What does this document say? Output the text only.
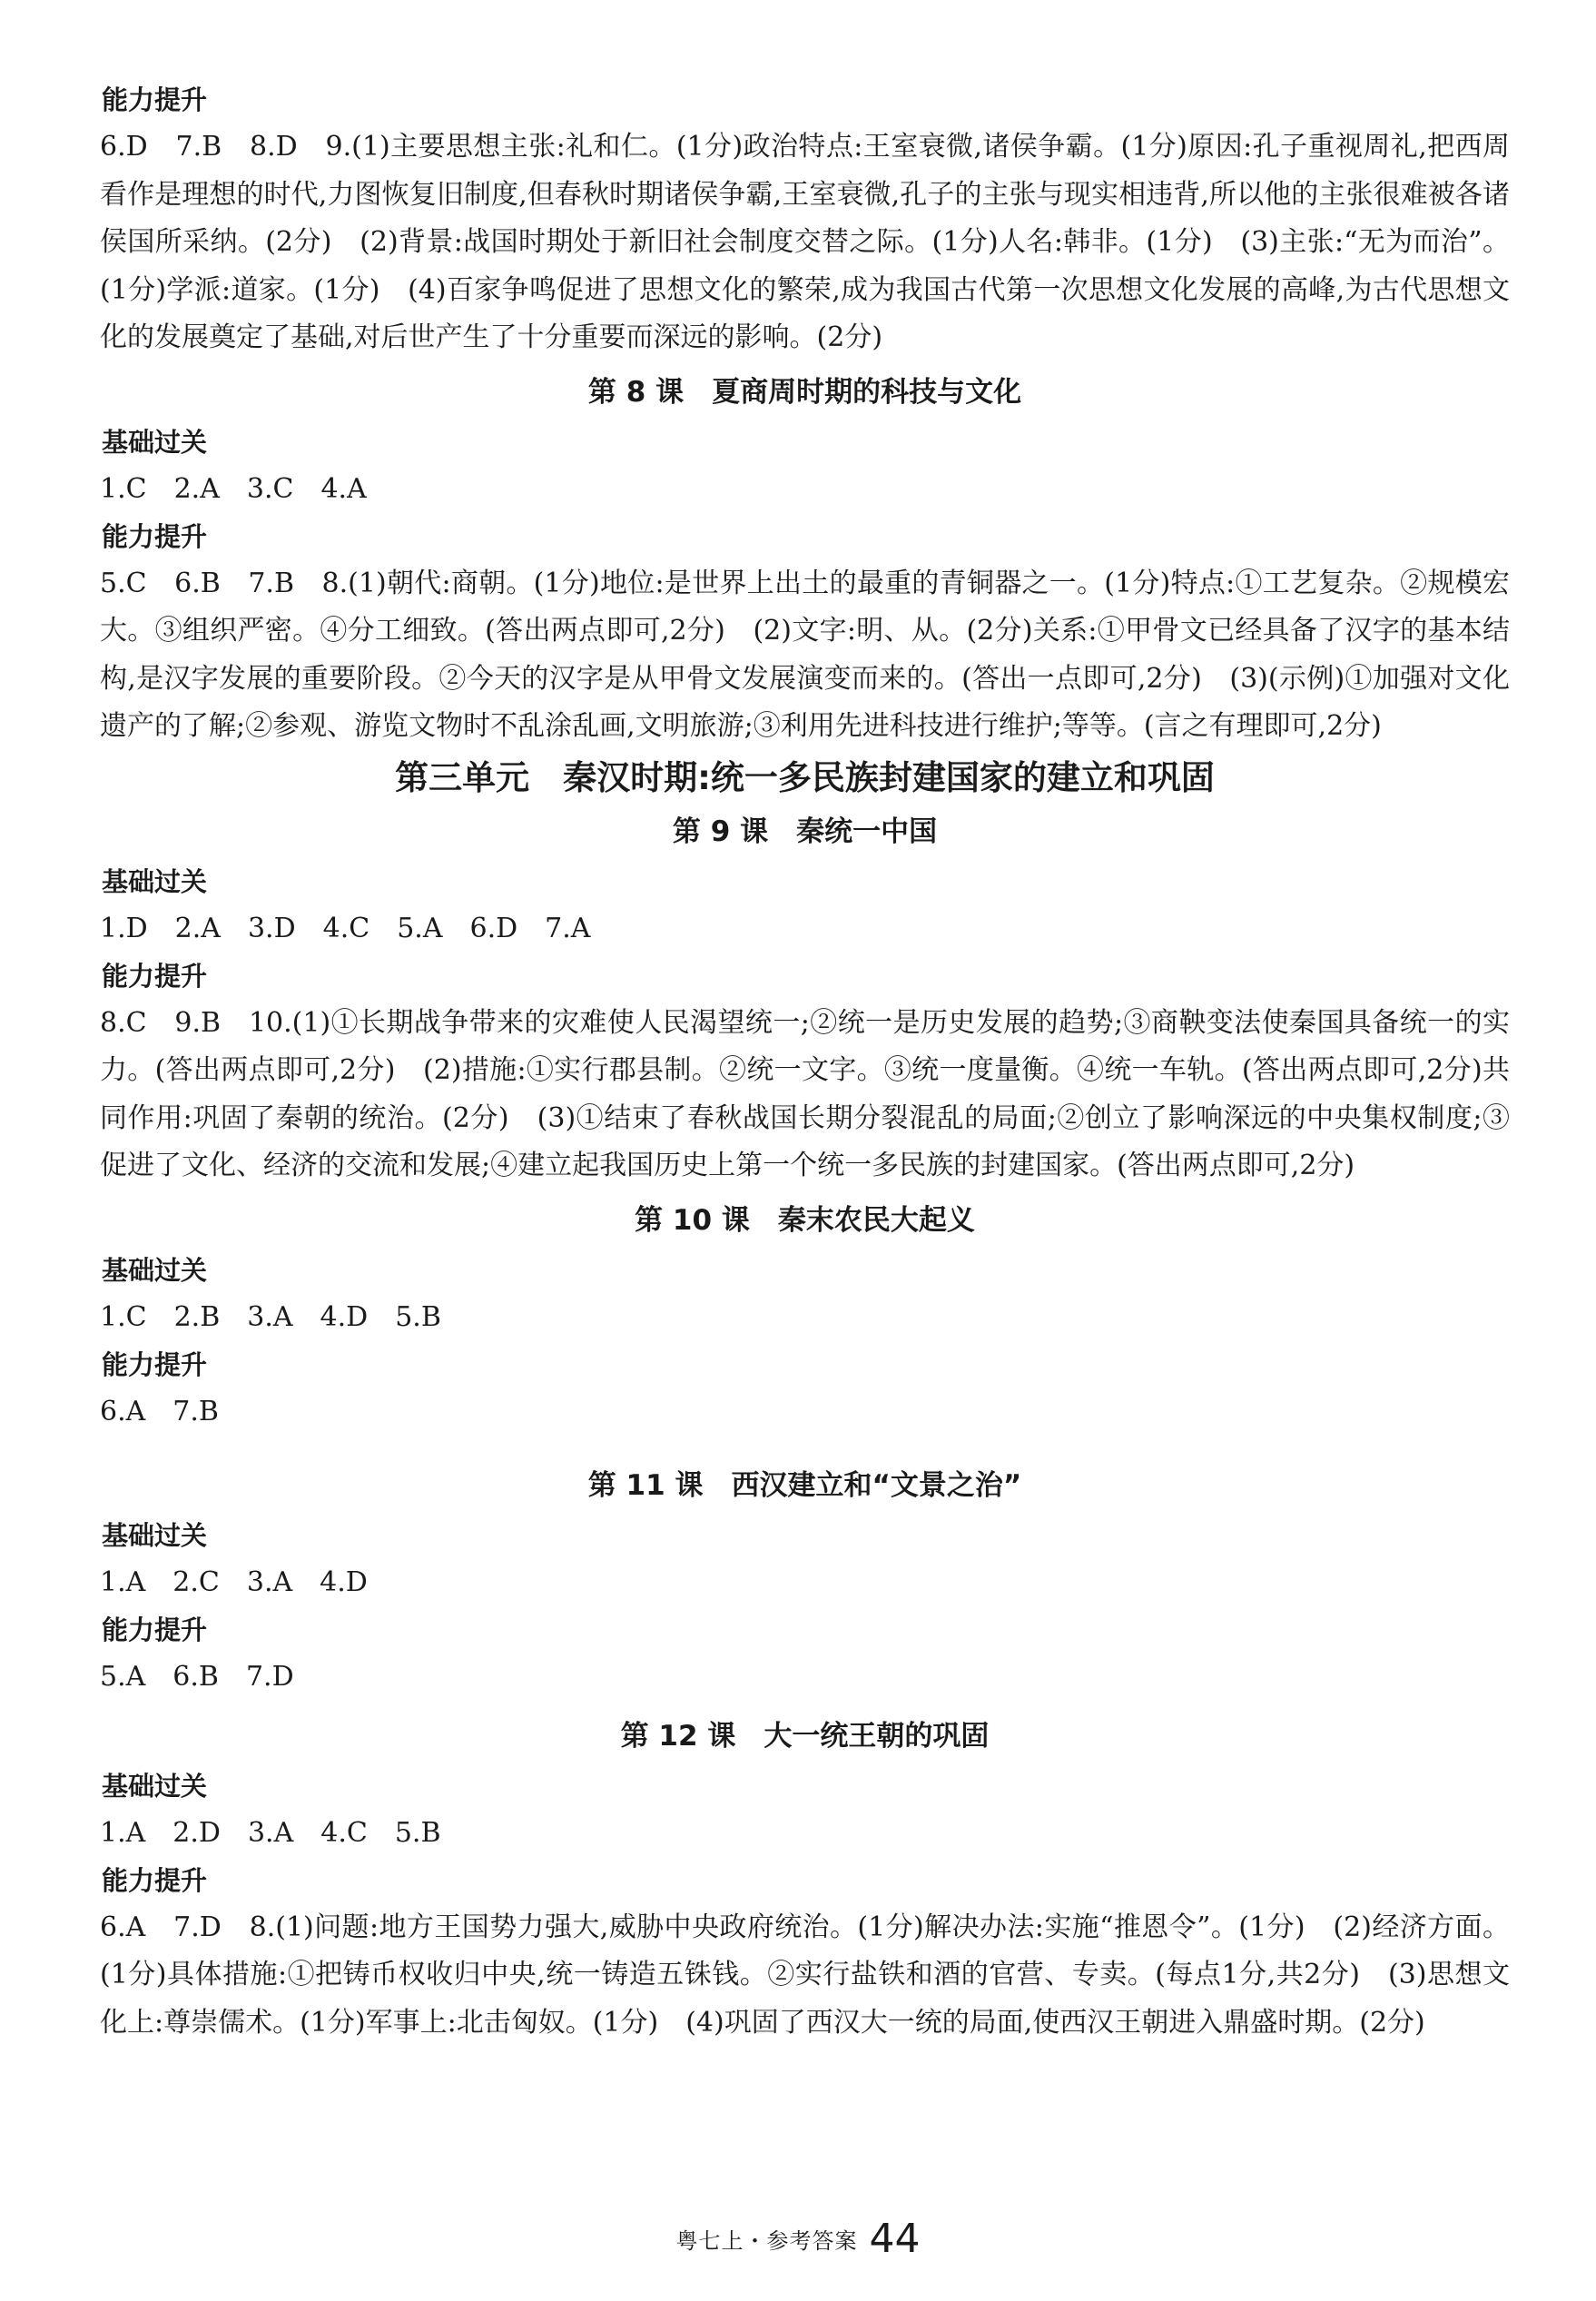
能力提升

6.D　7.B　8.D　9.(1)主要思想主张:礼和仁。(1分)政治特点:王室衰微,诸侯争霸。(1分)原因:孔子重视周礼,把西周看作是理想的时代,力图恢复旧制度,但春秋时期诸侯争霸,王室衰微,孔子的主张与现实相违背,所以他的主张很难被各诸侯国所采纳。(2分)　(2)背景:战国时期处于新旧社会制度交替之际。(1分)人名:韩非。(1分)　(3)主张:“无为而治”。(1分)学派:道家。(1分)　(4)百家争鸣促进了思想文化的繁荣,成为我国古代第一次思想文化发展的高峰,为古代思想文化的发展奠定了基础,对后世产生了十分重要而深远的影响。(2分)

第 8 课　夏商周时期的科技与文化

基础过关

1.C　2.A　3.C　4.A

能力提升

5.C　6.B　7.B　8.(1)朝代:商朝。(1分)地位:是世界上出土的最重的青铜器之一。(1分)特点:①工艺复杂。②规模宏大。③组织严密。④分工细致。(答出两点即可,2分)　(2)文字:明、从。(2分)关系:①甲骨文已经具备了汉字的基本结构,是汉字发展的重要阶段。②今天的汉字是从甲骨文发展演变而来的。(答出一点即可,2分)　(3)(示例)①加强对文化遗产的了解;②参观、游览文物时不乱涂乱画,文明旅游;③利用先进科技进行维护;等等。(言之有理即可,2分)

第三单元　秦汉时期:统一多民族封建国家的建立和巩固

第 9 课　秦统一中国

基础过关

1.D　2.A　3.D　4.C　5.A　6.D　7.A

能力提升

8.C　9.B　10.(1)①长期战争带来的灾难使人民渴望统一;②统一是历史发展的趋势;③商鞅变法使秦国具备统一的实力。(答出两点即可,2分)　(2)措施:①实行郡县制。②统一文字。③统一度量衡。④统一车轨。(答出两点即可,2分)共同作用:巩固了秦朝的统治。(2分)　(3)①结束了春秋战国长期分裂混乱的局面;②创立了影响深远的中央集权制度;③促进了文化、经济的交流和发展;④建立起我国历史上第一个统一多民族的封建国家。(答出两点即可,2分)

第 10 课　秦末农民大起义

基础过关

1.C　2.B　3.A　4.D　5.B

能力提升

6.A　7.B

第 11 课　西汉建立和“文景之治”

基础过关

1.A　2.C　3.A　4.D

能力提升

5.A　6.B　7.D

第 12 课　大一统王朝的巩固

基础过关

1.A　2.D　3.A　4.C　5.B

能力提升

6.A　7.D　8.(1)问题:地方王国势力强大,威胁中央政府统治。(1分)解决办法:实施“推恩令”。(1分)　(2)经济方面。(1分)具体措施:①把铸币权收归中央,统一铸造五铢钱。②实行盐铁和酒的官营、专卖。(每点1分,共2分)　(3)思想文化上:尊崇儒术。(1分)军事上:北击匈奴。(1分)　(4)巩固了西汉大一统的局面,使西汉王朝进入鼎盛时期。(2分)

粤七上・参考答案 44
